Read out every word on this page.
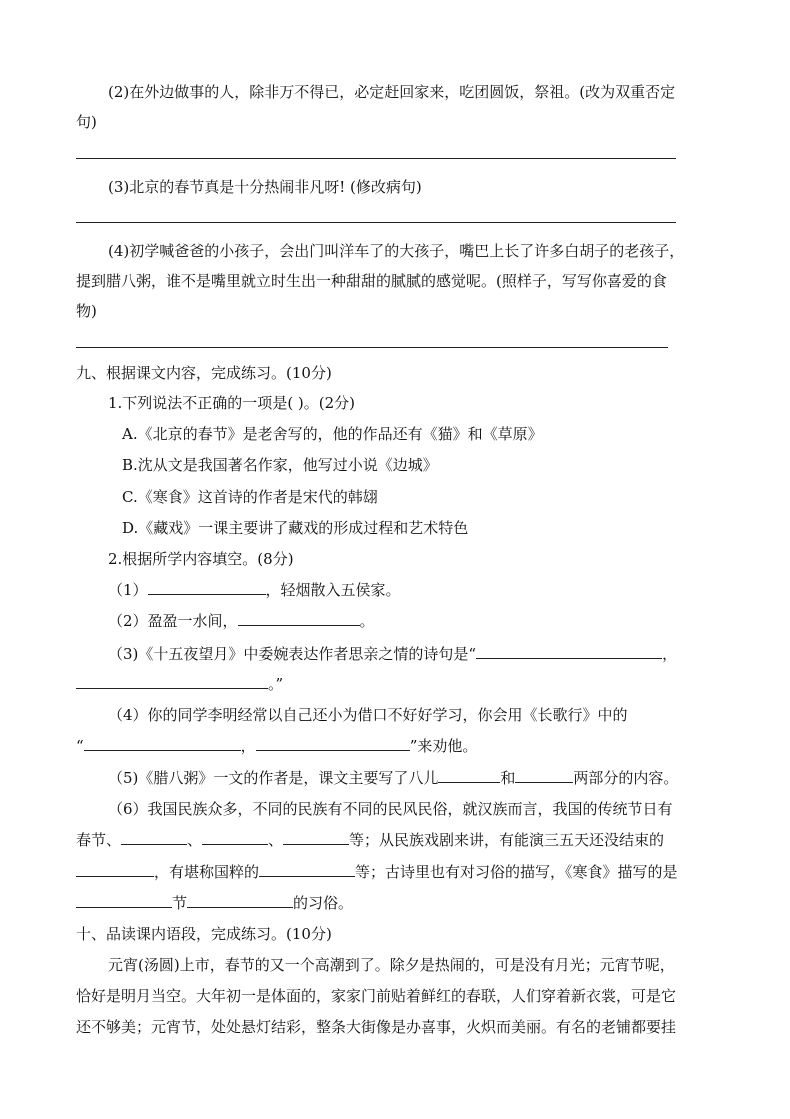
(2)在外边做事的人，除非万不得已，必定赶回家来，吃团圆饭，祭祖。(改为双重否定
句)
(3)北京的春节真是十分热闹非凡呀! (修改病句)
(4)初学喊爸爸的小孩子，会出门叫洋车了的大孩子，嘴巴上长了许多白胡子的老孩子，
提到腊八粥，谁不是嘴里就立时生出一种甜甜的腻腻的感觉呢。(照样子，写写你喜爱的食
物)
九、根据课文内容，完成练习。(10分)
1.下列说法不正确的一项是( )。(2分)
A.《北京的春节》是老舍写的，他的作品还有《猫》和《草原》
B.沈从文是我国著名作家，他写过小说《边城》
C.《寒食》这首诗的作者是宋代的韩翃
D.《藏戏》一课主要讲了藏戏的形成过程和艺术特色
2.根据所学内容填空。(8分)
（1）	，轻烟散入五侯家。
（2）盈盈一水间，	。
（3)《十五夜望月》中委婉表达作者思亲之情的诗句是“	，
。”
（4）你的同学李明经常以自己还小为借口不好好学习，你会用《长歌行》中的
“	，	”来劝他。
（5)《腊八粥》一文的作者是，课文主要写了八儿	和	两部分的内容。
（6）我国民族众多，不同的民族有不同的民风民俗，就汉族而言，我国的传统节日有
春节、	、	、	等；从民族戏剧来讲，有能演三五天还没结束的
，有堪称国粹的	等；古诗里也有对习俗的描写，《寒食》描写的是
节	的习俗。
十、品读课内语段，完成练习。(10分)
元宵(汤圆)上市，春节的又一个高潮到了。除夕是热闹的，可是没有月光；元宵节呢，
恰好是明月当空。大年初一是体面的，家家门前贴着鲜红的春联，人们穿着新衣裳，可是它
还不够美；元宵节，处处悬灯结彩，整条大街像是办喜事，火炽而美丽。有名的老铺都要挂
